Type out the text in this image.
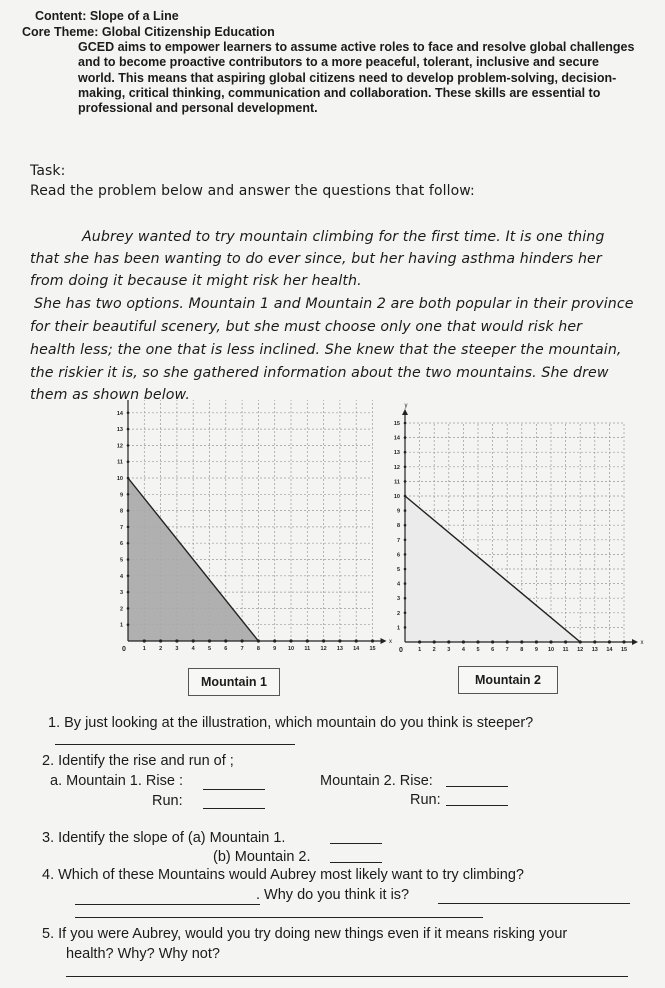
Content: Slope of a Line
Core Theme: Global Citizenship Education
GCED aims to empower learners to assume active roles to face and resolve global challenges and to become proactive contributors to a more peaceful, tolerant, inclusive and secure world. This means that aspiring global citizens need to develop problem-solving, decision-making, critical thinking, communication and collaboration. These skills are essential to professional and personal development.
Task:
Read the problem below and answer the questions that follow:
Aubrey wanted to try mountain climbing for the first time. It is one thing
that she has been wanting to do ever since, but her having asthma hinders her
from doing it because it might risk her health.
She has two options. Mountain 1 and Mountain 2 are both popular in their province
for their beautiful scenery, but she must choose only one that would risk her
health less; the one that is less inclined. She knew that the steeper the mountain,
the riskier it is, so she gathered information about the two mountains. She drew
them as shown below.
1 2 3 4 5 6 7 8 9 10 11 12 13 14 15
1
2
3
4
5
6
7
8
9
10
11
12
13
14
0
x
1 2 3 4 5 6 7 8 9 10 11 12 13 14 15
1
2
3
4
5
6
7
8
9
10
11
12
13
14
15
0
y
x
Mountain 1	Mountain 2
1. By just looking at the illustration, which mountain do you think is steeper?
2. Identify the rise and run of ;
a. Mountain 1. Rise :
Run:
Mountain 2. Rise:
Run:
3. Identify the slope of (a) Mountain 1.
(b) Mountain 2.
4. Which of these Mountains would Aubrey most likely want to try climbing?
. Why do you think it is?
5. If you were Aubrey, would you try doing new things even if it means risking your
health? Why? Why not?
